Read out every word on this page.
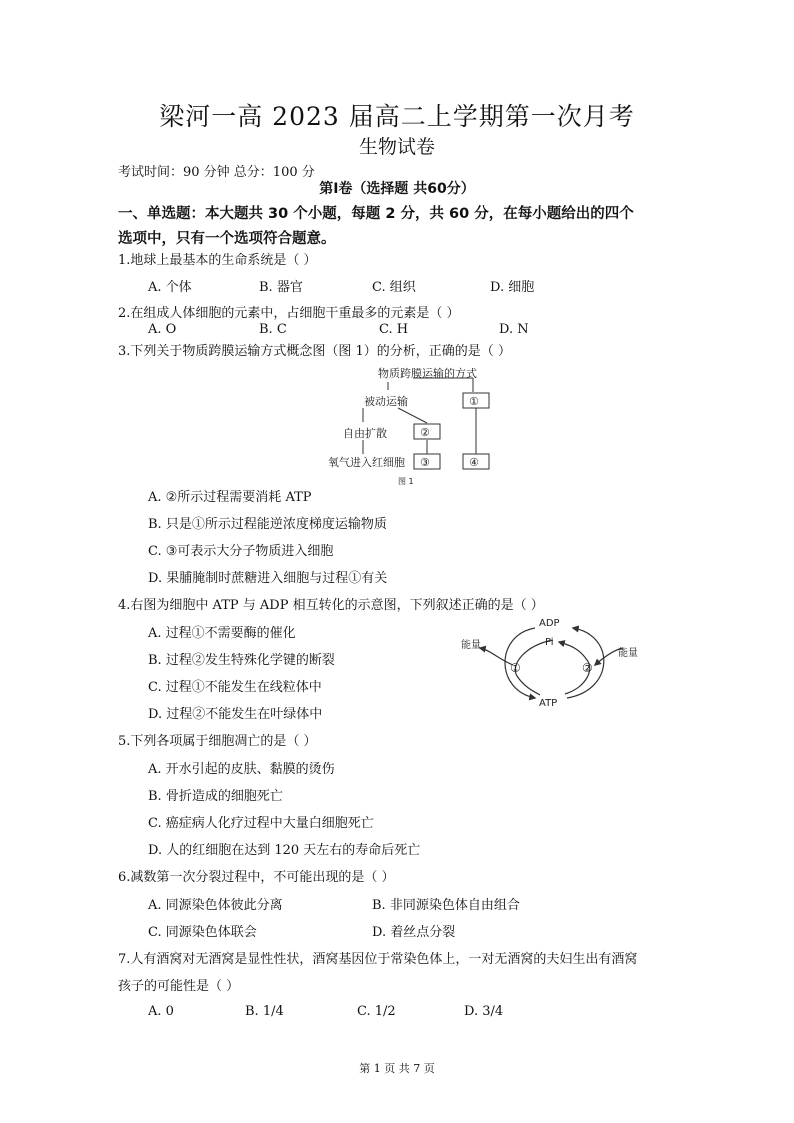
梁河一高 2023 届高二上学期第一次月考
生物试卷
考试时间：90 分钟 总分：100 分
第Ⅰ卷（选择题 共60分）
一、单选题：本大题共 30 个小题，每题 2 分，共 60 分，在每小题给出的四个
选项中，只有一个选项符合题意。
1.地球上最基本的生命系统是（ ）
A. 个体	B. 器官	C. 组织	D. 细胞
2.在组成人体细胞的元素中，占细胞干重最多的元素是（ ）
A. O	B. C	C. H	D. N
3.下列关于物质跨膜运输方式概念图（图 1）的分析，正确的是（ ）
物质跨膜运输的方式
被动运输
自由扩散
氧气进入红细胞
①
②
③	④
图 1
A. ②所示过程需要消耗 ATP
B. 只是①所示过程能逆浓度梯度运输物质
C. ③可表示大分子物质进入细胞
D. 果脯腌制时蔗糖进入细胞与过程①有关
4.右图为细胞中 ATP 与 ADP 相互转化的示意图，下列叙述正确的是（ ）
A. 过程①不需要酶的催化
B. 过程②发生特殊化学键的断裂
C. 过程①不能发生在线粒体中
D. 过程②不能发生在叶绿体中
ADP
Pi
ATP
能量
能量
①	②
5.下列各项属于细胞凋亡的是（ ）
A. 开水引起的皮肤、黏膜的烫伤
B. 骨折造成的细胞死亡
C. 癌症病人化疗过程中大量白细胞死亡
D. 人的红细胞在达到 120 天左右的寿命后死亡
6.减数第一次分裂过程中，不可能出现的是（ ）
A. 同源染色体彼此分离	B. 非同源染色体自由组合
C. 同源染色体联会	D. 着丝点分裂
7.人有酒窝对无酒窝是显性性状，酒窝基因位于常染色体上，一对无酒窝的夫妇生出有酒窝
孩子的可能性是（ ）
A. 0	B. 1/4	C. 1/2	D. 3/4
第 1 页 共 7 页
